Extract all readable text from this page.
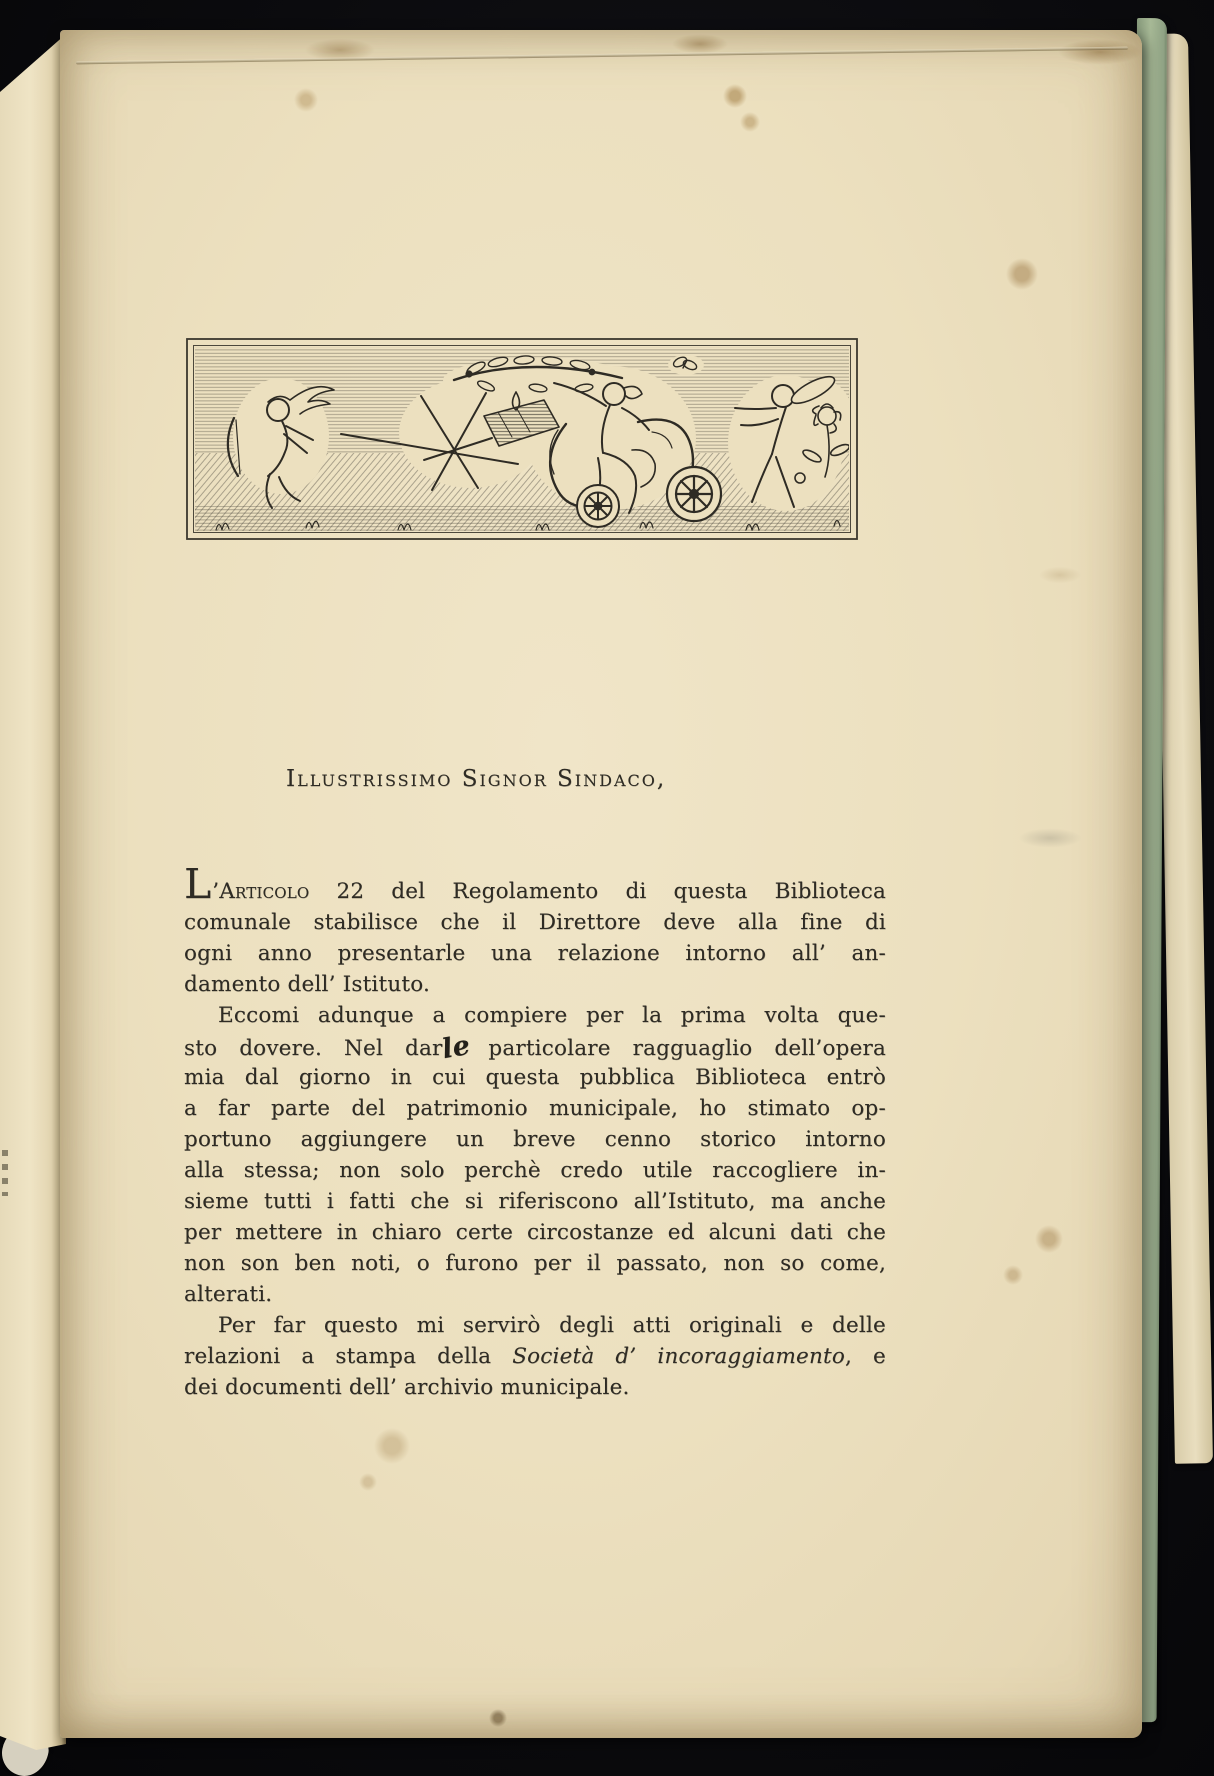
Illustrissimo Signor Sindaco,
L’Articolo 22 del Regolamento di questa Biblioteca
comunale stabilisce che il Direttore deve alla fine di
ogni anno presentarle una relazione intorno all’ an-
damento dell’ Istituto.
Eccomi adunque a compiere per la prima volta que-
sto dovere. Nel darle particolare ragguaglio dell’opera
mia dal giorno in cui questa pubblica Biblioteca entrò
a far parte del patrimonio municipale, ho stimato op-
portuno aggiungere un breve cenno storico intorno
alla stessa; non solo perchè credo utile raccogliere in-
sieme tutti i fatti che si riferiscono all’Istituto, ma anche
per mettere in chiaro certe circostanze ed alcuni dati che
non son ben noti, o furono per il passato, non so come,
alterati.
Per far questo mi servirò degli atti originali e delle
relazioni a stampa della Società d’ incoraggiamento, e
dei documenti dell’ archivio municipale.
